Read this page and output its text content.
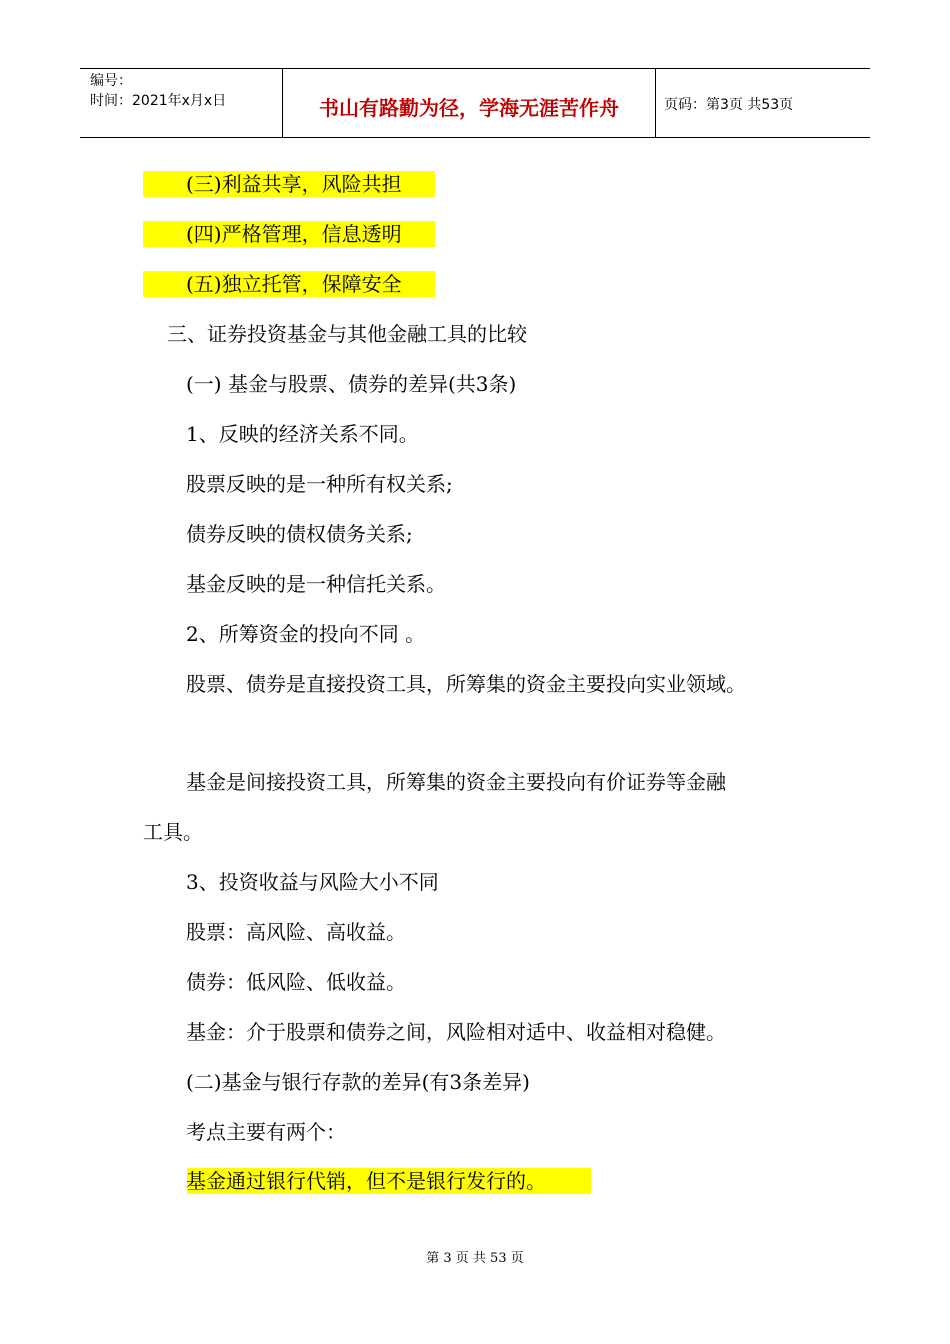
编号：
时间：2021年x月x日	书山有路勤为径，学海无涯苦作舟	页码：第3页 共53页
(三)利益共享，风险共担
(四)严格管理，信息透明
(五)独立托管，保障安全
三、证券投资基金与其他金融工具的比较
(一) 基金与股票、债券的差异(共3条)
1、反映的经济关系不同。
股票反映的是一种所有权关系;
债券反映的债权债务关系;
基金反映的是一种信托关系。
2、所筹资金的投向不同 。
股票、债券是直接投资工具，所筹集的资金主要投向实业领域。
基金是间接投资工具，所筹集的资金主要投向有价证券等金融
工具。
3、投资收益与风险大小不同
股票：高风险、高收益。
债券：低风险、低收益。
基金：介于股票和债券之间，风险相对适中、收益相对稳健。
(二)基金与银行存款的差异(有3条差异)
考点主要有两个：
基金通过银行代销，但不是银行发行的。
第 3 页 共 53 页
